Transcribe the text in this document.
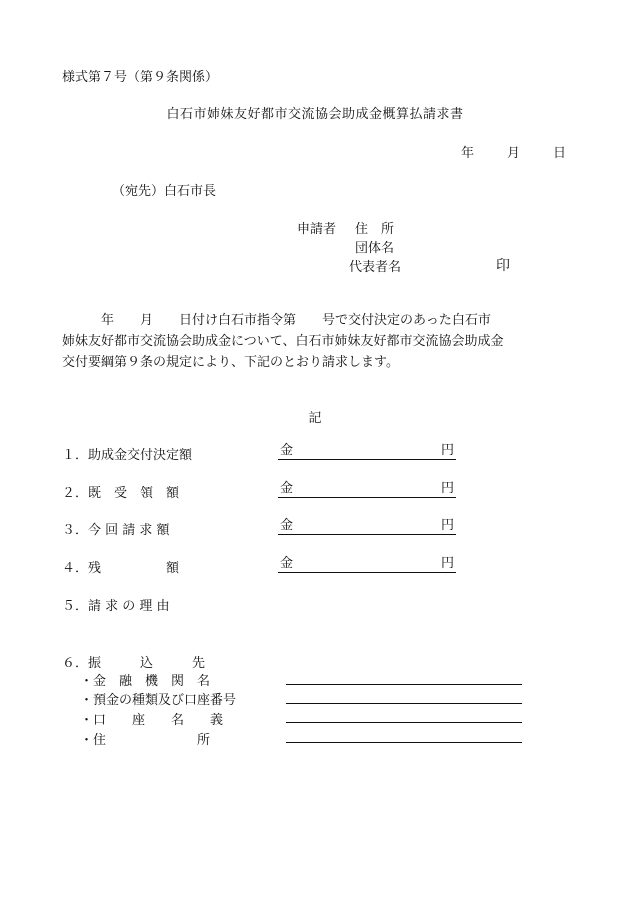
様式第７号（第９条関係）
白石市姉妹友好都市交流協会助成金概算払請求書
年	月	日
（宛先）白石市長
申請者 住　所
団体名
代表者名	印
　　　年　　月　　日付け白石市指令第　　号で交付決定のあった白石市
姉妹友好都市交流協会助成金について、白石市姉妹友好都市交流協会助成金
交付要綱第９条の規定により、下記のとおり請求します。
記
１．助成金交付決定額	金	円
２．既　受　領　額	金	円
３．今 回 請 求 額	金	円
４．残　　　　　額	金	円
５．請 求 の 理 由
６．振　　　込　　　先
・金　融　機　関　名
・預金の種類及び口座番号
・口　　座　　名　　義
・住　　　　　　　所
